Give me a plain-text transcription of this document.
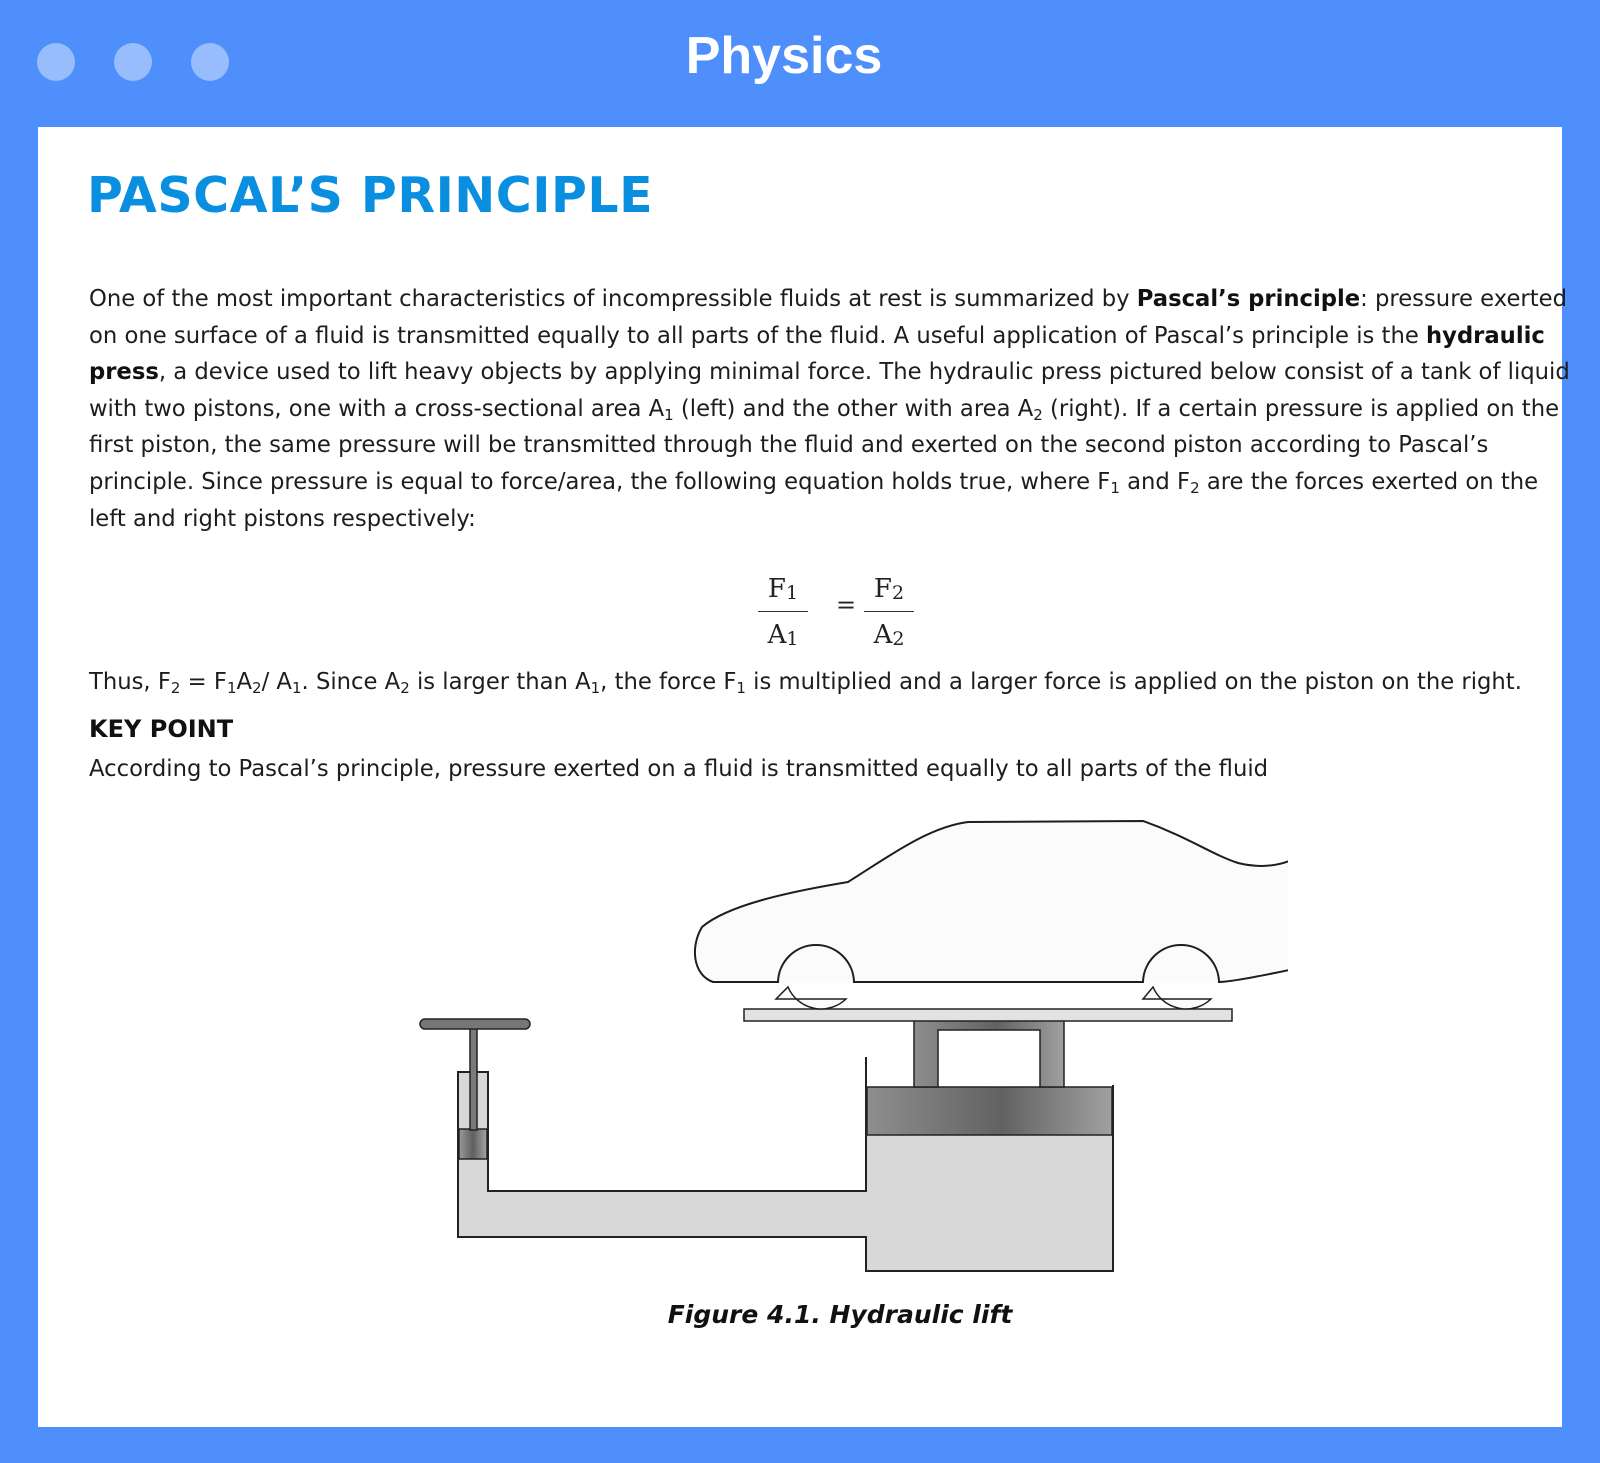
Physics
PASCAL’S PRINCIPLE

One of the most important characteristics of incompressible fluids at rest is summarized by Pascal’s principle: pressure exerted on one surface of a fluid is transmitted equally to all parts of the fluid. A useful application of Pascal’s principle is the hydraulic press, a device used to lift heavy objects by applying minimal force. The hydraulic press pictured below consist of a tank of liquid with two pistons, one with a cross-sectional area $A_1$ (left) and the other with area $A_2$ (right). If a certain pressure is applied on the first piston, the same pressure will be transmitted through the fluid and exerted on the second piston according to Pascal’s principle. Since pressure is equal to force/area, the following equation holds true, where $F_1$ and $F_2$ are the forces exerted on the left and right pistons respectively:

$\frac{F_1}{A_1} = \frac{F_2}{A_2}$

Thus, $F_2 = F_1A_2/$ $A_1$. Since $A_2$ is larger than $A_1$, the force $F_1$ is multiplied and a larger force is applied on the piston on the right.

KEY POINT

According to Pascal’s principle, pressure exerted on a fluid is transmitted equally to all parts of the fluid

Figure 4.1. Hydraulic lift
